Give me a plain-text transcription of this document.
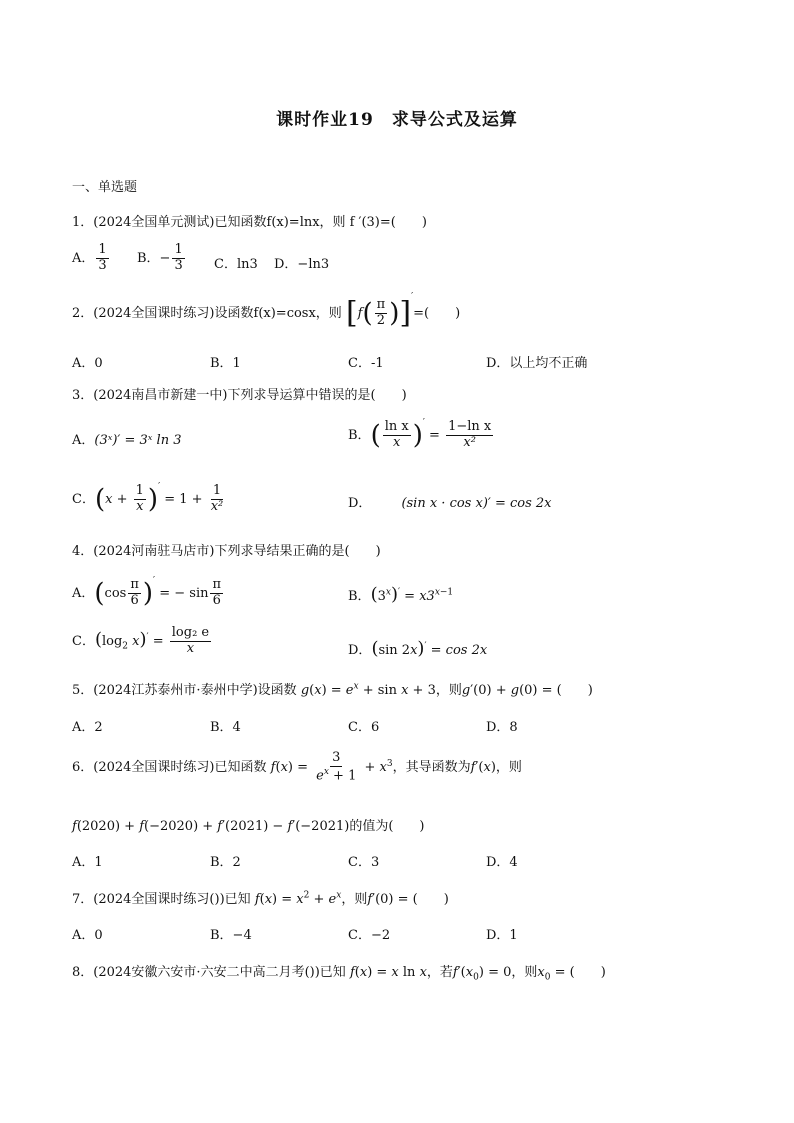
课时作业19　求导公式及运算
一、单选题
1．(2024全国单元测试)已知函数f(x)=lnx，则 f ′(3)=(　　)
A． $\frac{1}{3}$ B．− $\frac{1}{3}$ C．ln3 D．−ln3
2．(2024全国课时练习)设函数f(x)=cosx，则 $[f( \frac{\pi}{2} )]'=$(　　)
A．0	B．1	C．-1	D．以上均不正确
3．(2024南昌市新建一中)下列求导运算中错误的是(　　)
A．(3ˣ)′ = 3ˣ ln 3	B．( $\frac{\text{ln x}}{x} )' = \frac{\text{1−ln x}}{\text{x²}}$
C．$(x + \frac{1}{x} )' = 1 + \frac{1}{\text{x²}}$	D． (sin x · cos x)′ = cos 2x
4．(2024河南驻马店市)下列求导结果正确的是(　　)
A．$(\cos \frac{\pi}{6} )'$ = − $\sin \frac{\pi}{6}$	B．$(3^x)' = x3^{x-1}$
C．($\log_2$ $x)' = \frac{\text{log₂ e}}{x}$	D．(sin 2x)′ = cos 2x
5．(2024江苏泰州市·泰州中学)设函数 $g(x) = e^x + \sin x + 3$，则g′(0) + g(0) = (　　)
A．2	B．4	C．6	D．8
6．(2024全国课时练习)已知函数 $f(x) = \frac{3}{e^x + 1} + x^3$，其导函数为f′(x)，则
f(2020) + f(−2020) + f′(2021) − f′(−2021)的值为(　　)
A．1	B．2	C．3	D．4
7．(2024全国课时练习())已知 $f(x) = x^2 + e^x$，则f′(0) = (　　)
A．0	B．−4	C．−2	D．1
8．(2024安徽六安市·六安二中高二月考())已知 f(x) = x ln x，若$f'(x_0) = 0$，则$x_0$ = (　　)
